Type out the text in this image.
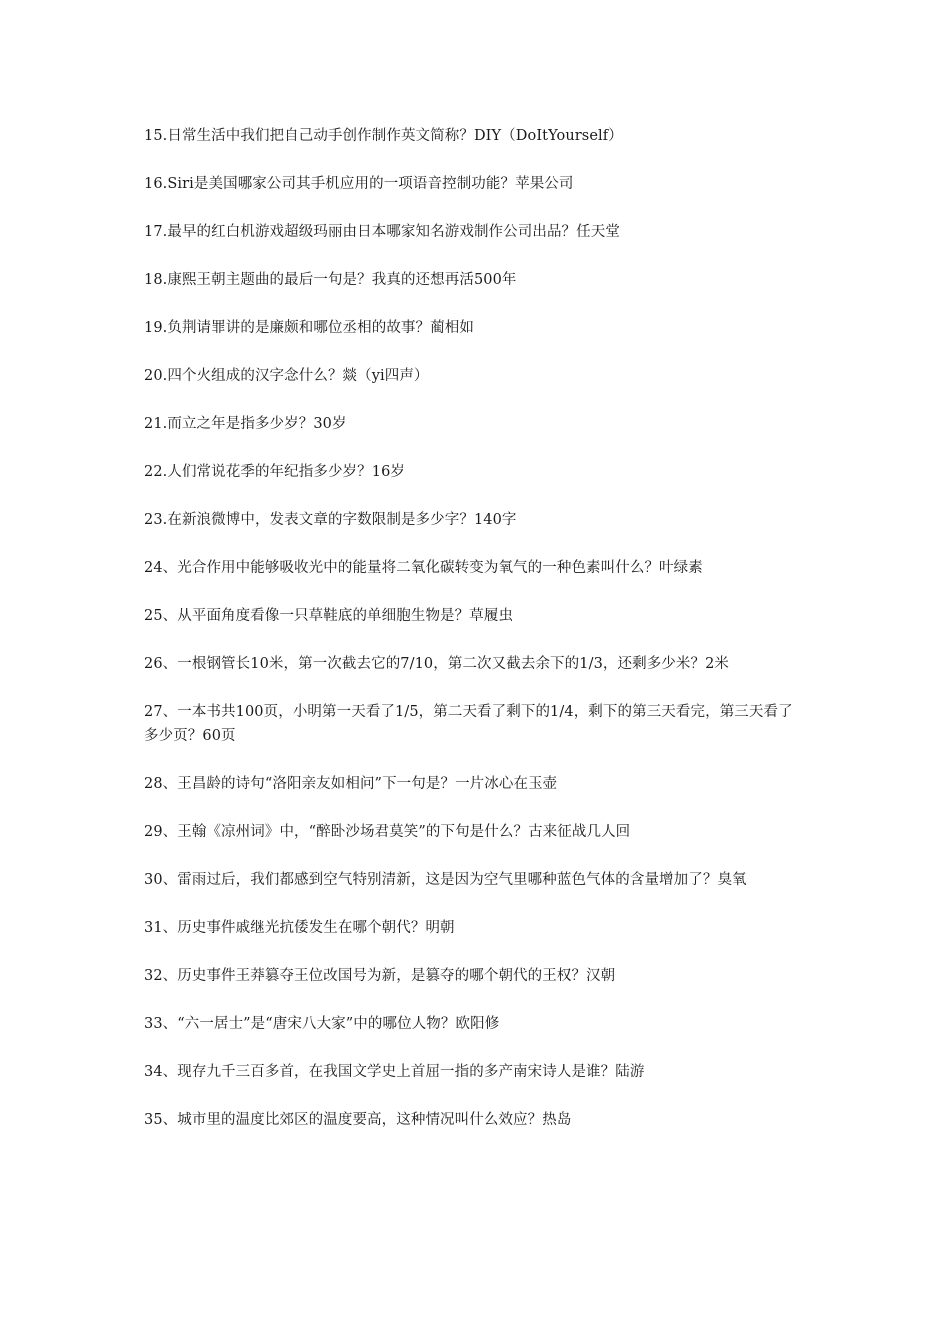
15.日常生活中我们把自己动手创作制作英文简称？DIY（DoItYourself）

16.Siri是美国哪家公司其手机应用的一项语音控制功能？苹果公司

17.最早的红白机游戏超级玛丽由日本哪家知名游戏制作公司出品？任天堂

18.康熙王朝主题曲的最后一句是？我真的还想再活500年

19.负荆请罪讲的是廉颇和哪位丞相的故事？蔺相如

20.四个火组成的汉字念什么？燚（yi四声）

21.而立之年是指多少岁？30岁

22.人们常说花季的年纪指多少岁？16岁

23.在新浪微博中，发表文章的字数限制是多少字？140字

24、光合作用中能够吸收光中的能量将二氧化碳转变为氧气的一种色素叫什么？叶绿素

25、从平面角度看像一只草鞋底的单细胞生物是？草履虫

26、一根钢管长10米，第一次截去它的7/10，第二次又截去余下的1/3，还剩多少米？2米

27、一本书共100页，小明第一天看了1/5，第二天看了剩下的1/4，剩下的第三天看完，第三天看了多少页？60页

28、王昌龄的诗句“洛阳亲友如相问”下一句是？一片冰心在玉壶

29、王翰《凉州词》中，“醉卧沙场君莫笑”的下句是什么？古来征战几人回

30、雷雨过后，我们都感到空气特别清新，这是因为空气里哪种蓝色气体的含量增加了？臭氧

31、历史事件戚继光抗倭发生在哪个朝代？明朝

32、历史事件王莽篡夺王位改国号为新，是篡夺的哪个朝代的王权？汉朝

33、“六一居士”是“唐宋八大家”中的哪位人物？欧阳修

34、现存九千三百多首，在我国文学史上首屈一指的多产南宋诗人是谁？陆游

35、城市里的温度比郊区的温度要高，这种情况叫什么效应？热岛
